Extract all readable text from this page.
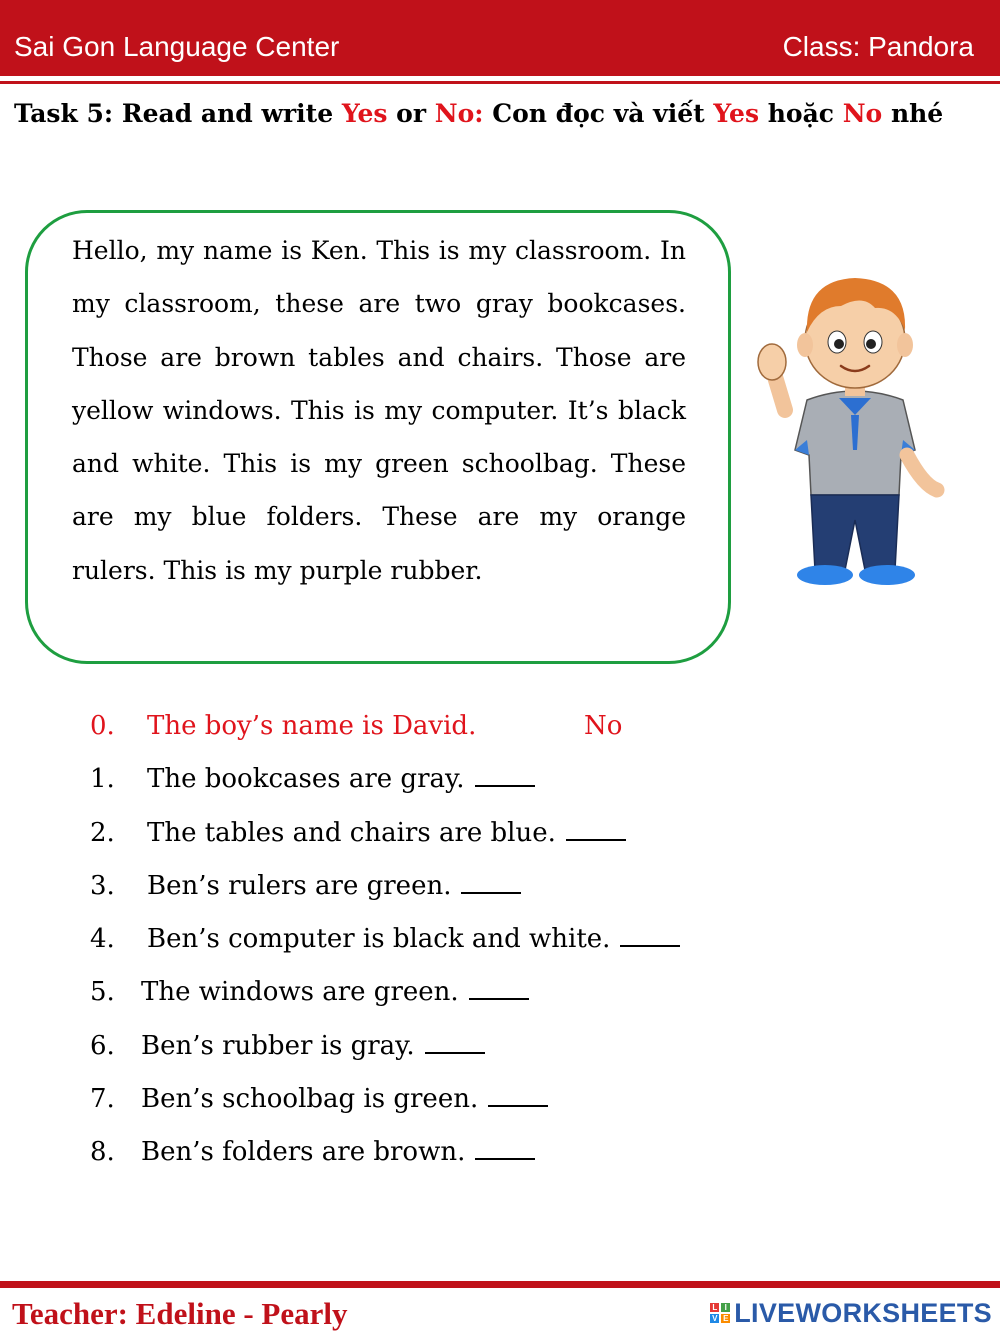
Sai Gon Language Center	Class: Pandora
Task 5: Read and write Yes or No: Con đọc và viết Yes hoặc No nhé

Hello, my name is Ken. This is my classroom. In my classroom, these are two gray bookcases. Those are brown tables and chairs. Those are yellow windows. This is my computer. It’s black and white. This is my green schoolbag. These are my blue folders. These are my orange rulers. This is my purple rubber.

0. The boy’s name is David.	No
1. The bookcases are gray.
2. The tables and chairs are blue.
3. Ben’s rulers are green.
4. Ben’s computer is black and white.
5. The windows are green.
6. Ben’s rubber is gray.
7. Ben’s schoolbag is green.
8. Ben’s folders are brown.
Teacher: Edeline - Pearly	L I
V E LIVEWORKSHEETS
